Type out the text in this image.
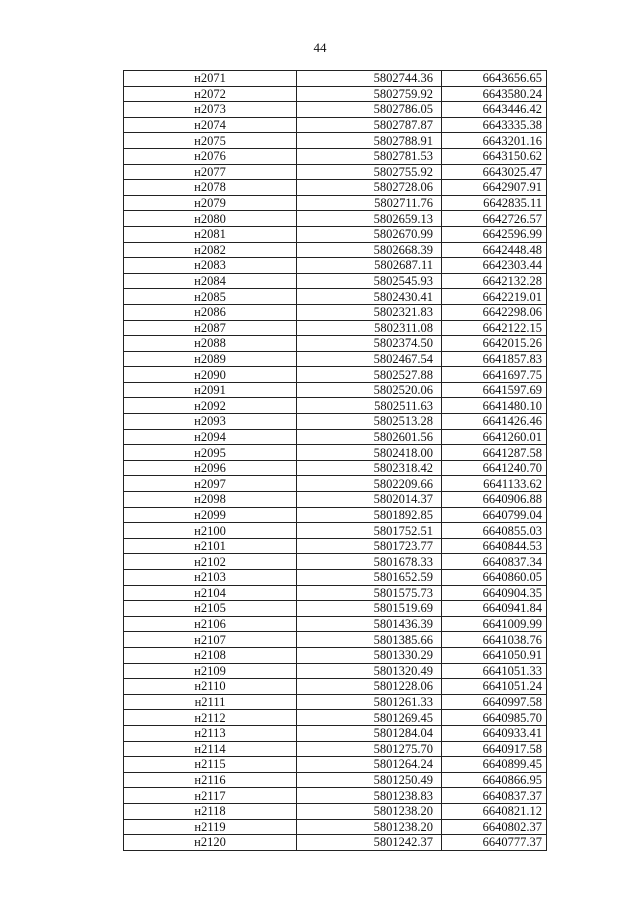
44
н2071	5802744.36	6643656.65
н2072	5802759.92	6643580.24
н2073	5802786.05	6643446.42
н2074	5802787.87	6643335.38
н2075	5802788.91	6643201.16
н2076	5802781.53	6643150.62
н2077	5802755.92	6643025.47
н2078	5802728.06	6642907.91
н2079	5802711.76	6642835.11
н2080	5802659.13	6642726.57
н2081	5802670.99	6642596.99
н2082	5802668.39	6642448.48
н2083	5802687.11	6642303.44
н2084	5802545.93	6642132.28
н2085	5802430.41	6642219.01
н2086	5802321.83	6642298.06
н2087	5802311.08	6642122.15
н2088	5802374.50	6642015.26
н2089	5802467.54	6641857.83
н2090	5802527.88	6641697.75
н2091	5802520.06	6641597.69
н2092	5802511.63	6641480.10
н2093	5802513.28	6641426.46
н2094	5802601.56	6641260.01
н2095	5802418.00	6641287.58
н2096	5802318.42	6641240.70
н2097	5802209.66	6641133.62
н2098	5802014.37	6640906.88
н2099	5801892.85	6640799.04
н2100	5801752.51	6640855.03
н2101	5801723.77	6640844.53
н2102	5801678.33	6640837.34
н2103	5801652.59	6640860.05
н2104	5801575.73	6640904.35
н2105	5801519.69	6640941.84
н2106	5801436.39	6641009.99
н2107	5801385.66	6641038.76
н2108	5801330.29	6641050.91
н2109	5801320.49	6641051.33
н2110	5801228.06	6641051.24
н2111	5801261.33	6640997.58
н2112	5801269.45	6640985.70
н2113	5801284.04	6640933.41
н2114	5801275.70	6640917.58
н2115	5801264.24	6640899.45
н2116	5801250.49	6640866.95
н2117	5801238.83	6640837.37
н2118	5801238.20	6640821.12
н2119	5801238.20	6640802.37
н2120	5801242.37	6640777.37
